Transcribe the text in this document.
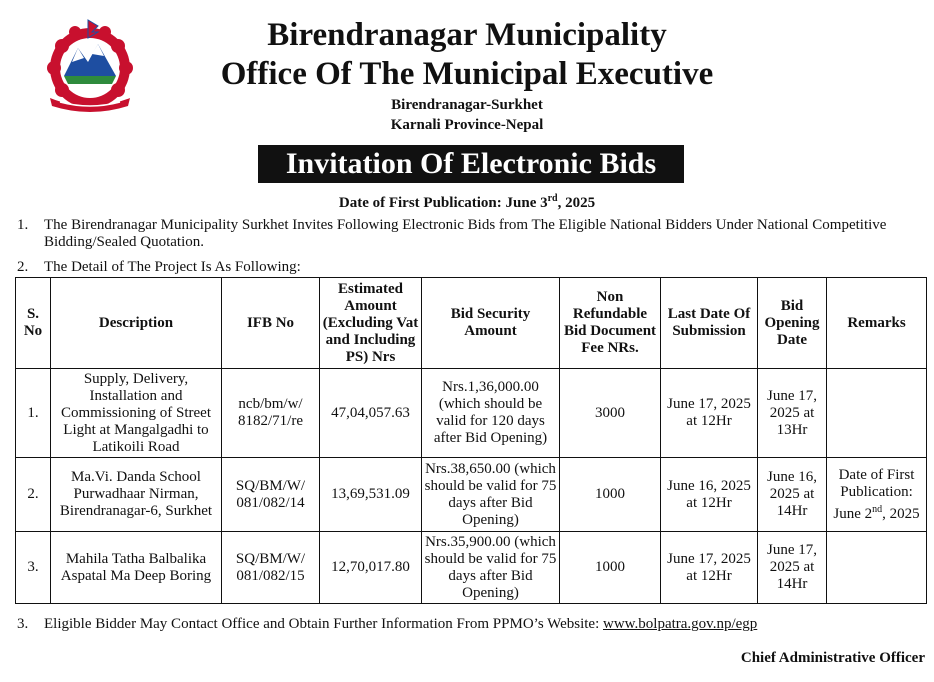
Birendranagar Municipality
Office Of The Municipal Executive
Birendranagar-Surkhet
Karnali Province-Nepal
Invitation Of Electronic Bids
Date of First Publication: June 3rd, 2025
1. The Birendranagar Municipality Surkhet Invites Following Electronic Bids from The Eligible National Bidders Under National Competitive
Bidding/Sealed Quotation.
2. The Detail of The Project Is As Following:
S. No	Description	IFB No	Estimated Amount (Excluding Vat and Including PS) Nrs	Bid Security Amount	Non Refundable Bid Document Fee NRs.	Last Date Of Submission	Bid Opening Date	Remarks
1.	Supply, Delivery, Installation and Commissioning of Street Light at Mangalgadhi to Latikoili Road	ncb/bm/w/ 8182/71/re	47,04,057.63	Nrs.1,36,000.00 (which should be valid for 120 days after Bid Opening)	3000	June 17, 2025 at 12Hr	June 17, 2025 at 13Hr	
2.	Ma.Vi. Danda School Purwadhaar Nirman, Birendranagar-6, Surkhet	SQ/BM/W/ 081/082/14	13,69,531.09	Nrs.38,650.00 (which should be valid for 75 days after Bid Opening)	1000	June 16, 2025 at 12Hr	June 16, 2025 at 14Hr	Date of First Publication: June 2nd, 2025
3.	Mahila Tatha Balbalika Aspatal Ma Deep Boring	SQ/BM/W/ 081/082/15	12,70,017.80	Nrs.35,900.00 (which should be valid for 75 days after Bid Opening)	1000	June 17, 2025 at 12Hr	June 17, 2025 at 14Hr	
3. Eligible Bidder May Contact Office and Obtain Further Information From PPMO’s Website: www.bolpatra.gov.np/egp
Chief Administrative Officer
